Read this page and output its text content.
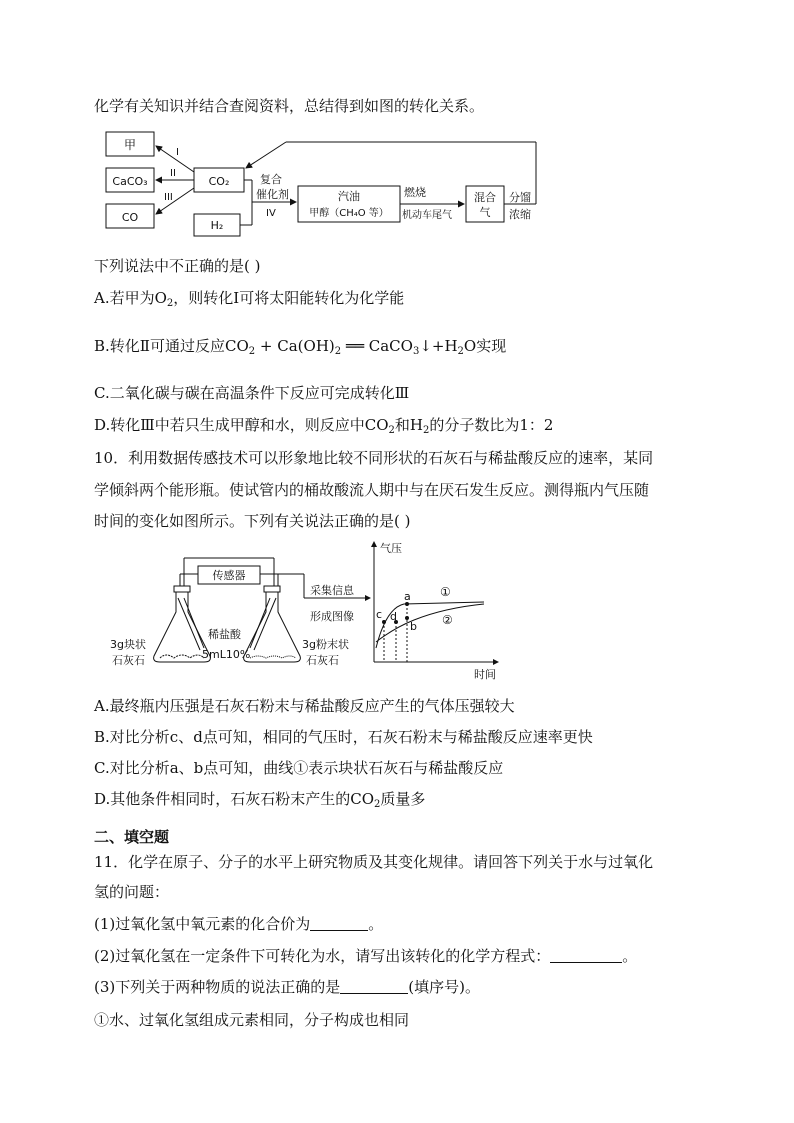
化学有关知识并结合查阅资料，总结得到如图的转化关系。
甲
CaCO₃
CO
CO₂
H₂
I
II
III
复合
催化剂
IV
汽油
甲醇（CH₄O 等）
燃烧
机动车尾气
混合
气
分馏
浓缩
下列说法中不正确的是( )
A.若甲为$O_2$，则转化Ⅰ可将太阳能转化为化学能
B.转化Ⅱ可通过反应$CO_2 + Ca(OH)_2$ ══ $CaCO_3↓+H_2O$实现
C.二氧化碳与碳在高温条件下反应可完成转化Ⅲ
D.转化Ⅲ中若只生成甲醇和水，则反应中$CO_2$和$H_2$的分子数比为1：2
10．利用数据传感技术可以形象地比较不同形状的石灰石与稀盐酸反应的速率，某同
学倾斜两个能形瓶。使试管内的桶故酸流人期中与在厌石发生反应。测得瓶内气压随
时间的变化如图所示。下列有关说法正确的是( )
传感器
采集信息
形成图像
稀盐酸
5mL10%
3g块状
石灰石
3g粉末状
石灰石
气压
时间
a
b
c d
①
②
A.最终瓶内压强是石灰石粉末与稀盐酸反应产生的气体压强较大
B.对比分析c、d点可知，相同的气压时，石灰石粉末与稀盐酸反应速率更快
C.对比分析a、b点可知，曲线①表示块状石灰石与稀盐酸反应
D.其他条件相同时，石灰石粉末产生的$CO_2$质量多
二、填空题
11．化学在原子、分子的水平上研究物质及其变化规律。请回答下列关于水与过氧化
氢的问题：
(1)过氧化氢中氧元素的化合价为	。
(2)过氧化氢在一定条件下可转化为水，请写出该转化的化学方程式：	。
(3)下列关于两种物质的说法正确的是	(填序号)。
①水、过氧化氢组成元素相同，分子构成也相同
